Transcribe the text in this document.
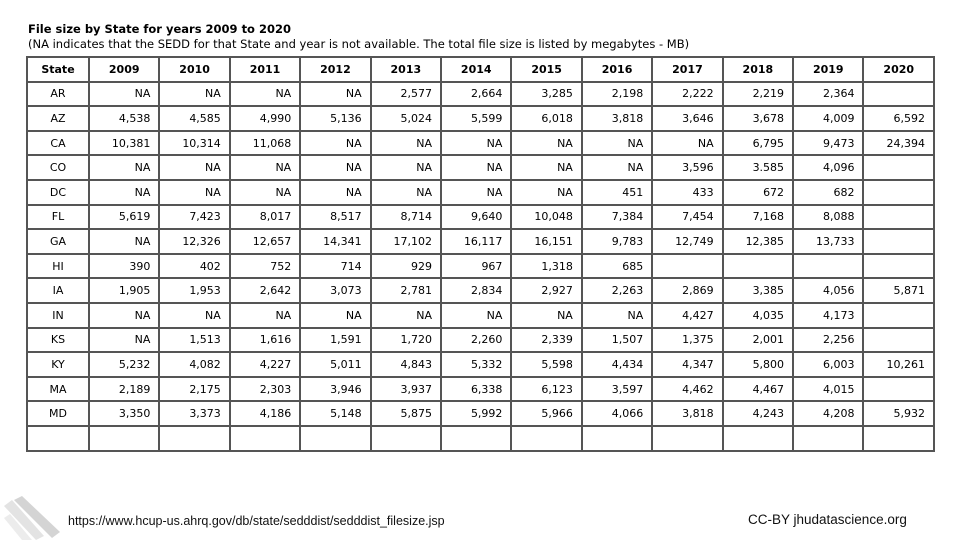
File size by State for years 2009 to 2020
(NA indicates that the SEDD for that State and year is not available. The total file size is listed by megabytes - MB)
State	2009	2010	2011	2012	2013	2014	2015	2016	2017	2018	2019	2020
AR	NA	NA	NA	NA	2,577	2,664	3,285	2,198	2,222	2,219	2,364	
AZ	4,538	4,585	4,990	5,136	5,024	5,599	6,018	3,818	3,646	3,678	4,009	6,592
CA	10,381	10,314	11,068	NA	NA	NA	NA	NA	NA	6,795	9,473	24,394
CO	NA	NA	NA	NA	NA	NA	NA	NA	3,596	3.585	4,096	
DC	NA	NA	NA	NA	NA	NA	NA	451	433	672	682	
FL	5,619	7,423	8,017	8,517	8,714	9,640	10,048	7,384	7,454	7,168	8,088	
GA	NA	12,326	12,657	14,341	17,102	16,117	16,151	9,783	12,749	12,385	13,733	
HI	390	402	752	714	929	967	1,318	685				
IA	1,905	1,953	2,642	3,073	2,781	2,834	2,927	2,263	2,869	3,385	4,056	5,871
IN	NA	NA	NA	NA	NA	NA	NA	NA	4,427	4,035	4,173	
KS	NA	1,513	1,616	1,591	1,720	2,260	2,339	1,507	1,375	2,001	2,256	
KY	5,232	4,082	4,227	5,011	4,843	5,332	5,598	4,434	4,347	5,800	6,003	10,261
MA	2,189	2,175	2,303	3,946	3,937	6,338	6,123	3,597	4,462	4,467	4,015	
MD	3,350	3,373	4,186	5,148	5,875	5,992	5,966	4,066	3,818	4,243	4,208	5,932

https://www.hcup-us.ahrq.gov/db/state/sedddist/sedddist_filesize.jsp	CC-BY jhudatascience.org
